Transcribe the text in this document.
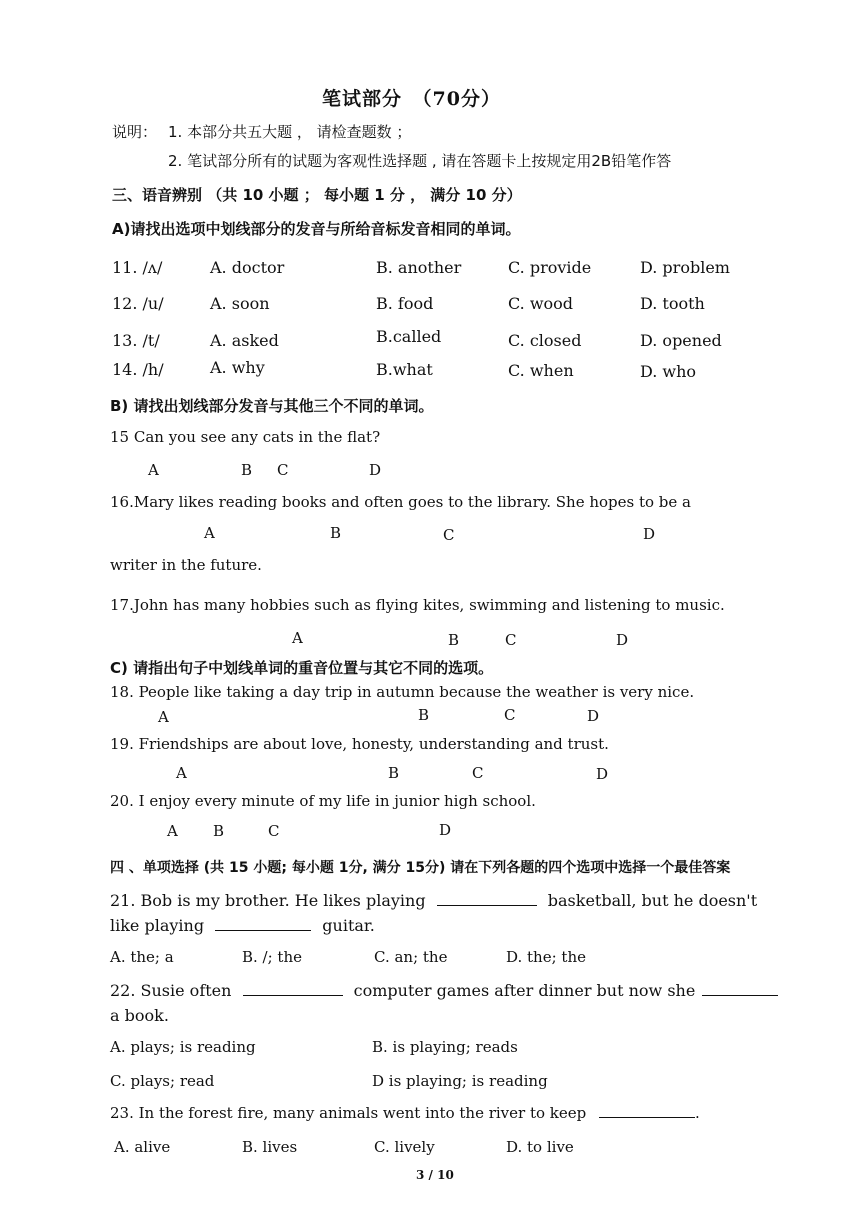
笔试部分　（70分）
说明： 1. 本部分共五大题 ， 请检查题数 ；
2. 笔试部分所有的试题为客观性选择题 , 请在答题卡上按规定用2B铅笔作答
三、语音辨别 （共 10 小题 ； 每小题 1 分 ， 满分 10 分）
A)请找出选项中划线部分的发音与所给音标发音相同的单词。
11. /ʌ/	A. doctor	B. another	C. provide	D. problem
12. /u/	A. soon	B. food	C. wood	D. tooth
13. /t/	A. asked	B.called	C. closed	D. opened
14. /h/	A. why	B.what	C. when	D. who
B) 请找出划线部分发音与其他三个不同的单词。
15 Can you see any cats in the flat?
A	B C	D
16.Mary likes reading books and often goes to the library. She hopes to be a
A	B	C	D
writer in the future.
17.John has many hobbies such as flying kites, swimming and listening to music.
A	B	C	D
C) 请指出句子中划线单词的重音位置与其它不同的选项。
18. People like taking a day trip in autumn because the weather is very nice.
A	B	C	D
19. Friendships are about love, honesty, understanding and trust.
A	B	C	D
20. I enjoy every minute of my life in junior high school.
A B	C	D
四 、单项选择 (共 15 小题; 每小题 1分, 满分 15分) 请在下列各题的四个选项中选择一个最佳答案
21. Bob is my brother. He likes playing	basketball, but he doesn't
like playing	guitar.
A. the; a	B. /; the	C. an; the	D. the; the
22. Susie often	computer games after dinner but now she
a book.
A. plays; is reading	B. is playing; reads
C. plays; read	D is playing; is reading
23. In the forest fire, many animals went into the river to keep	.
A. alive	B. lives	C. lively	D. to live
3 / 10
